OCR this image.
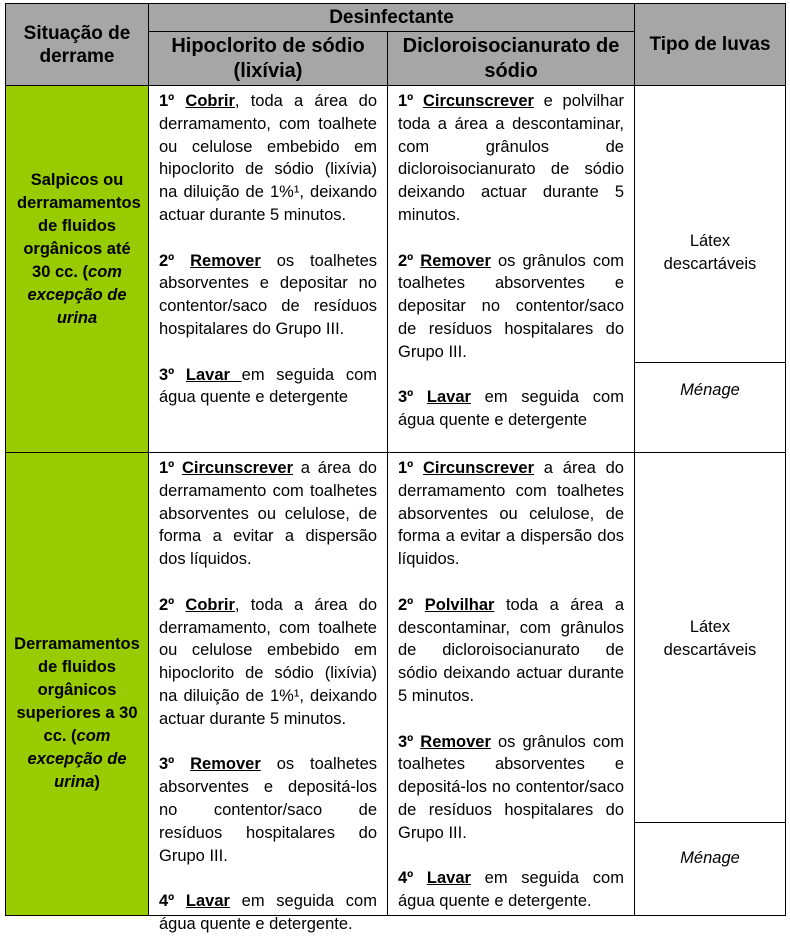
Situação de derrame
Desinfectante
Hipoclorito de sódio (lixívia)
Dicloroisocianurato de sódio
Tipo de luvas
Salpicos ou derramamentos de fluidos orgânicos até 30 cc. (com excepção de urina

1º Cobrir, toda a área do derramamento, com toalhete ou celulose embebido em hipoclorito de sódio (lixívia) na diluição de 1%¹, deixando actuar durante 5 minutos.

2º Remover os toalhetes absorventes e depositar no contentor/saco de resíduos hospitalares do Grupo III.

3º Lavar em seguida com água quente e detergente

1º Circunscrever e polvilhar toda a área a descontaminar, com grânulos de dicloroisocianurato de sódio deixando actuar durante 5 minutos.

2º Remover os grânulos com toalhetes absorventes e depositar no contentor/saco de resíduos hospitalares do Grupo III.

3º Lavar em seguida com água quente e detergente

Látex descartáveis
Ménage
Derramamentos de fluidos orgânicos superiores a 30 cc. (com excepção de urina)

1º Circunscrever a área do derramamento com toalhetes absorventes ou celulose, de forma a evitar a dispersão dos líquidos.

2º Cobrir, toda a área do derramamento, com toalhete ou celulose embebido em hipoclorito de sódio (lixívia) na diluição de 1%¹, deixando actuar durante 5 minutos.

3º Remover os toalhetes absorventes e depositá-los no contentor/saco de resíduos hospitalares do Grupo III.

4º Lavar em seguida com água quente e detergente.

1º Circunscrever a área do derramamento com toalhetes absorventes ou celulose, de forma a evitar a dispersão dos líquidos.

2º Polvilhar toda a área a descontaminar, com grânulos de dicloroisocianurato de sódio deixando actuar durante 5 minutos.

3º Remover os grânulos com toalhetes absorventes e depositá-los no contentor/saco de resíduos hospitalares do Grupo III.

4º Lavar em seguida com água quente e detergente.

Látex descartáveis
Ménage
